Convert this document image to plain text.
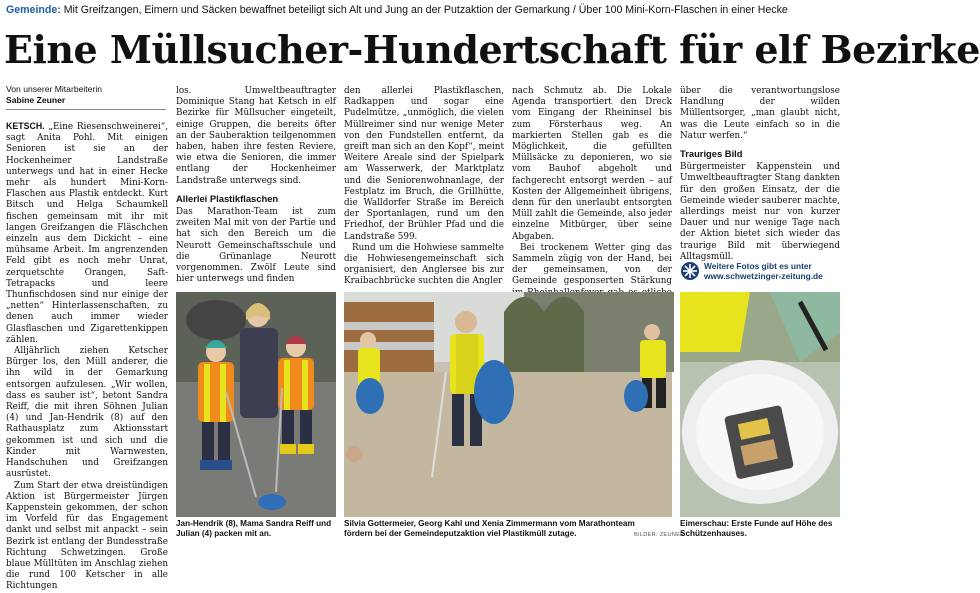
Gemeinde: Mit Greifzangen, Eimern und Säcken bewaffnet beteiligt sich Alt und Jung an der Putzaktion der Gemarkung / Über 100 Mini-Korn-Flaschen in einer Hecke
Eine Müllsucher-Hundertschaft für elf Bezirke
Von unserer Mitarbeiterin
Sabine Zeuner

KETSCH. „Eine Riesenschweinerei“, sagt Anita Pohl. Mit einigen Senioren ist sie an der Hockenheimer Landstraße unterwegs und hat in einer Hecke mehr als hundert Mini-Korn-Flaschen aus Plastik entdeckt. Kurt Bitsch und Helga Schaumkell fischen gemeinsam mit ihr mit langen Greifzangen die Fläschchen einzeln aus dem Dickicht – eine mühsame Arbeit. Im angrenzenden Feld gibt es noch mehr Unrat, zerquetschte Orangen, Saft-Tetrapacks und leere Thunfischdosen sind nur einige der „netten“ Hinterlassenschaften, zu denen auch immer wieder Glasflaschen und Zigarettenkippen zählen.

Alljährlich ziehen Ketscher Bürger los, den Müll anderer, die ihn wild in der Gemarkung entsorgen aufzulesen. „Wir wollen, dass es sauber ist“, betont Sandra Reiff, die mit ihren Söhnen Julian (4) und Jan-Hendrik (8) auf den Rathausplatz zum Aktionsstart gekommen ist und sich und die Kinder mit Warnwesten, Handschuhen und Greifzangen ausrüstet.

Zum Start der etwa dreistündigen Aktion ist Bürgermeister Jürgen Kappenstein gekommen, der schon im Vorfeld für das Engagement dankt und selbst mit anpackt – sein Bezirk ist entlang der Bundesstraße Richtung Schwetzingen. Große blaue Mülltüten im Anschlag ziehen die rund 100 Ketscher in alle Richtungen

los. Umweltbeauftragter Dominique Stang hat Ketsch in elf Bezirke für Müllsucher eingeteilt, einige Gruppen, die bereits öfter an der Sauberaktion teilgenommen haben, haben ihre festen Reviere, wie etwa die Senioren, die immer entlang der Hockenheimer Landstraße unterwegs sind.

Allerlei Plastikflaschen

Das Marathon-Team ist zum zweiten Mal mit von der Partie und hat sich den Bereich um die Neurott Gemeinschaftsschule und die Grünanlage Neurott vorgenommen. Zwölf Leute sind hier unterwegs und finden

den allerlei Plastikflaschen, Radkappen und sogar eine Pudelmütze, „unmöglich, die vielen Müllreimer sind nur wenige Meter von den Fundstellen entfernt, da greift man sich an den Kopf“, meint Weitere Areale sind der Spielpark am Wasserwerk, der Marktplatz und die Seniorenwohnanlage, der Festplatz im Bruch, die Grillhütte, die Walldorfer Straße im Bereich der Sportanlagen, rund um den Friedhof, der Brühler Pfad und die Landstraße 599.

Rund um die Hohwiese sammelte die Hohwiesengemeinschaft sich organisiert, den Anglersee bis zur Kraibachbrücke suchten die Angler

nach Schmutz ab. Die Lokale Agenda transportiert den Dreck vom Eingang der Rheininsel bis zum Försterhaus weg. An markierten Stellen gab es die Möglichkeit, die gefüllten Müllsäcke zu deponieren, wo sie vom Bauhof abgeholt und fachgerecht entsorgt werden – auf Kosten der Allgemeinheit übrigens, denn für den unerlaubt entsorgten Müll zahlt die Gemeinde, also jeder einzelne Mitbürger, über seine Abgaben.

Bei trockenem Wetter ging das Sammeln zügig von der Hand, bei der gemeinsamen, von der Gemeinde gesponserten Stärkung

über die verantwortungslose Handlung der wilden Müllentsorger, „man glaubt nicht, was die Leute einfach so in die Natur werfen.“

Trauriges Bild

Bürgermeister Kappenstein und Umweltbeauftragter Stang dankten für den großen Einsatz, der die Gemeinde wieder sauberer machte, allerdings meist nur von kurzer Dauer und nur wenige Tage nach der Aktion bietet sich wieder das traurige Bild mit überwiegend Alltagsmüll.

Weitere Fotos gibt es unter
www.schwetzinger-zeitung.de
Jan-Hendrik (8), Mama Sandra Reiff und Julian (4) packen mit an.
Silvia Gottermeier, Georg Kahl und Xenia Zimmermann vom Marathonteam fördern bei der Gemeindeputzaktion viel Plastikmüll zutage.	BILDER: ZEUNER
Eimerschau: Erste Funde auf Höhe des Schützenhauses.
